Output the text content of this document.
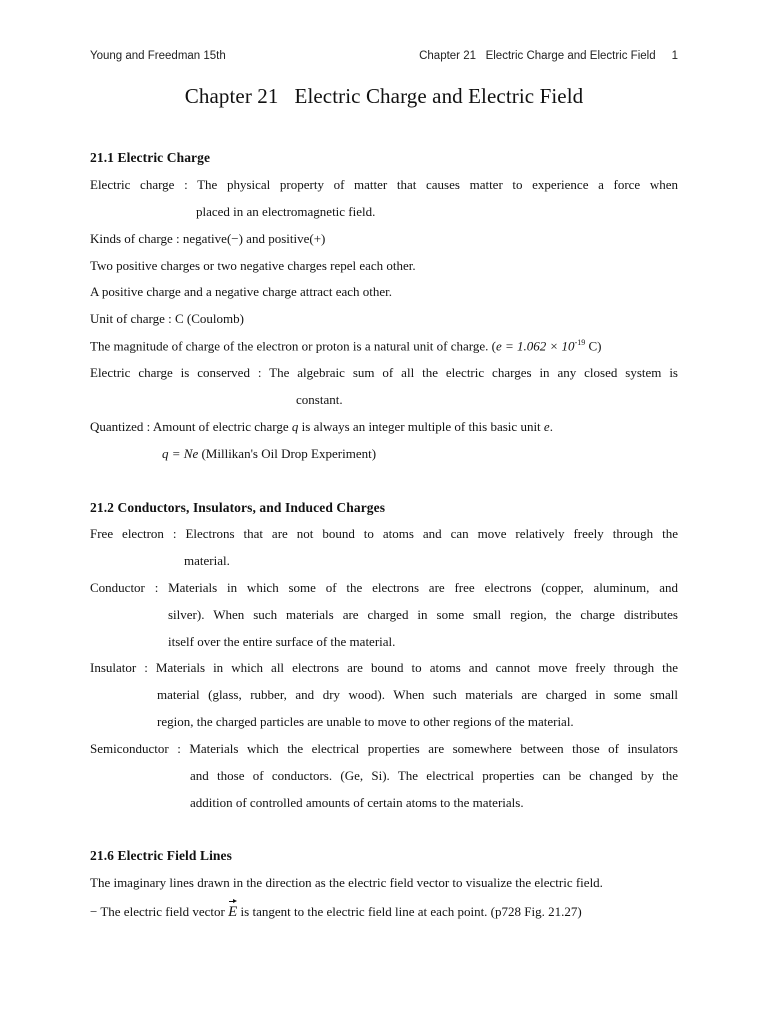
Young and Freedman 15th	Chapter 21   Electric Charge and Electric Field 1
Chapter 21   Electric Charge and Electric Field
21.1 Electric Charge
Electric charge : The physical property of matter that causes matter to experience a force when
placed in an electromagnetic field.
Kinds of charge : negative(−) and positive(+)
Two positive charges or two negative charges repel each other.
A positive charge and a negative charge attract each other.
Unit of charge : C (Coulomb)
The magnitude of charge of the electron or proton is a natural unit of charge. ($e = 1.062 \times 10^{-19}$ C)
Electric charge is conserved : The algebraic sum of all the electric charges in any closed system is
constant.
Quantized : Amount of electric charge q is always an integer multiple of this basic unit e.
q = Ne (Millikan's Oil Drop Experiment)
21.2 Conductors, Insulators, and Induced Charges
Free electron : Electrons that are not bound to atoms and can move relatively freely through the
material.
Conductor : Materials in which some of the electrons are free electrons (copper, aluminum, and
silver). When such materials are charged in some small region, the charge distributes
itself over the entire surface of the material.
Insulator : Materials in which all electrons are bound to atoms and cannot move freely through the
material (glass, rubber, and dry wood). When such materials are charged in some small
region, the charged particles are unable to move to other regions of the material.
Semiconductor : Materials which the electrical properties are somewhere between those of insulators
and those of conductors. (Ge, Si). The electrical properties can be changed by the
addition of controlled amounts of certain atoms to the materials.
21.6 Electric Field Lines
The imaginary lines drawn in the direction as the electric field vector to visualize the electric field.
− The electric field vector
E is tangent to the electric field line at each point. (p728 Fig. 21.27)
